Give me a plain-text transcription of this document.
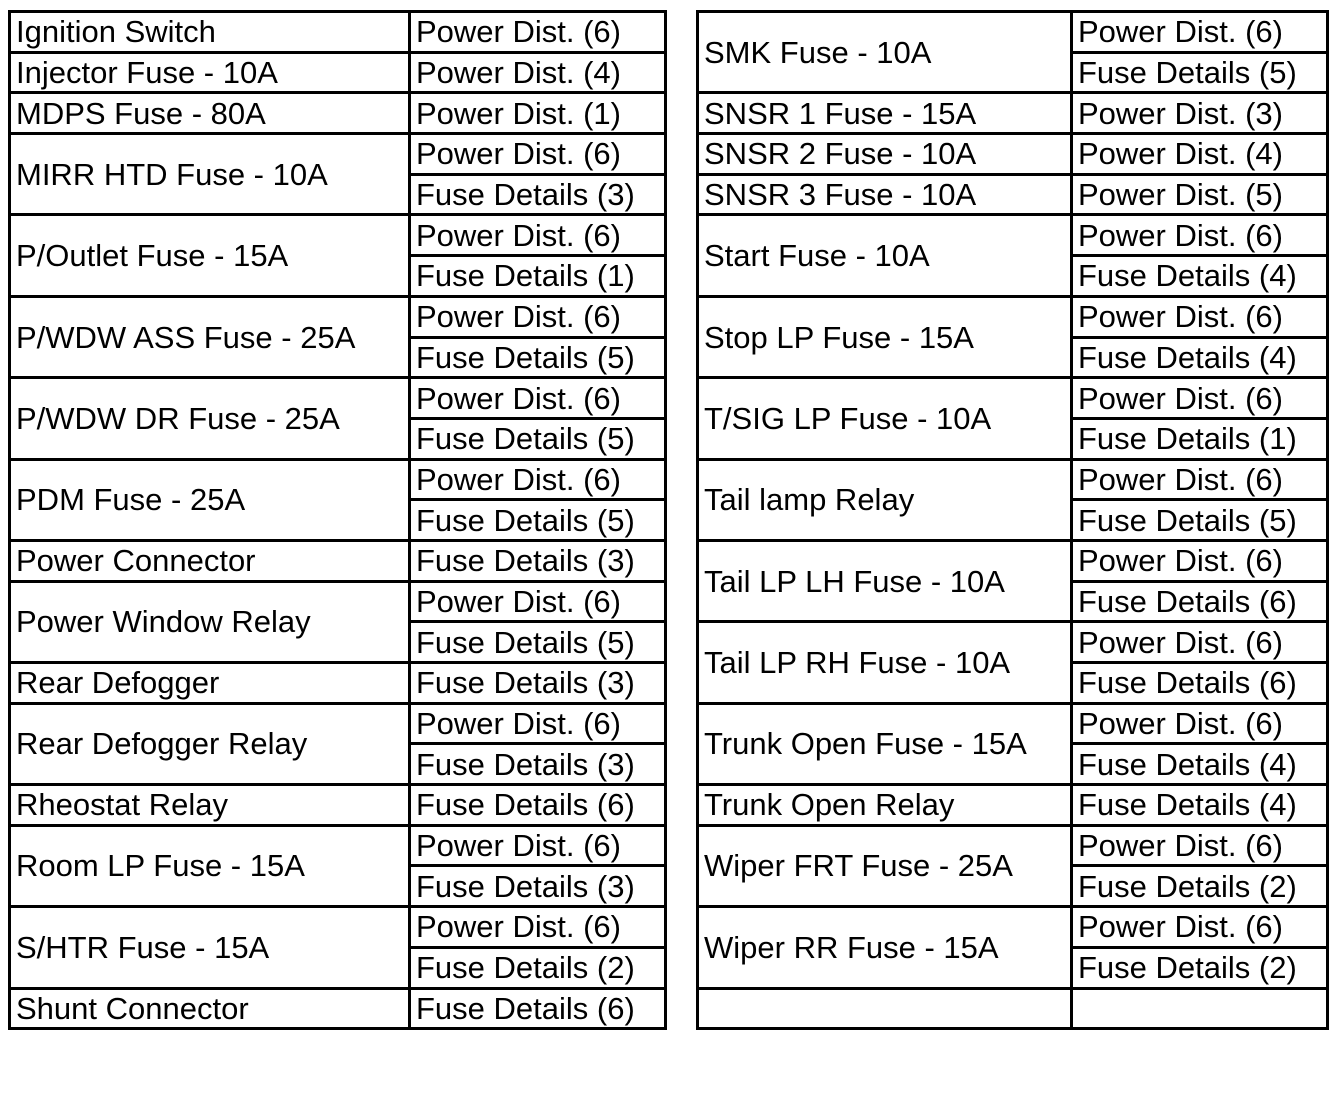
Ignition Switch	Power Dist. (6)
Injector Fuse - 10A	Power Dist. (4)
MDPS Fuse - 80A	Power Dist. (1)
MIRR HTD Fuse - 10A	Power Dist. (6)
	Fuse Details (3)
P/Outlet Fuse - 15A	Power Dist. (6)
	Fuse Details (1)
P/WDW ASS Fuse - 25A	Power Dist. (6)
	Fuse Details (5)
P/WDW DR Fuse - 25A	Power Dist. (6)
	Fuse Details (5)
PDM Fuse - 25A	Power Dist. (6)
	Fuse Details (5)
Power Connector	Fuse Details (3)
Power Window Relay	Power Dist. (6)
	Fuse Details (5)
Rear Defogger	Fuse Details (3)
Rear Defogger Relay	Power Dist. (6)
	Fuse Details (3)
Rheostat Relay	Fuse Details (6)
Room LP Fuse - 15A	Power Dist. (6)
	Fuse Details (3)
S/HTR Fuse - 15A	Power Dist. (6)
	Fuse Details (2)
Shunt Connector	Fuse Details (6)
SMK Fuse - 10A	Power Dist. (6)
	Fuse Details (5)
SNSR 1 Fuse - 15A	Power Dist. (3)
SNSR 2 Fuse - 10A	Power Dist. (4)
SNSR 3 Fuse - 10A	Power Dist. (5)
Start Fuse - 10A	Power Dist. (6)
	Fuse Details (4)
Stop LP Fuse - 15A	Power Dist. (6)
	Fuse Details (4)
T/SIG LP Fuse - 10A	Power Dist. (6)
	Fuse Details (1)
Tail lamp Relay	Power Dist. (6)
	Fuse Details (5)
Tail LP LH Fuse - 10A	Power Dist. (6)
	Fuse Details (6)
Tail LP RH Fuse - 10A	Power Dist. (6)
	Fuse Details (6)
Trunk Open Fuse - 15A	Power Dist. (6)
	Fuse Details (4)
Trunk Open Relay	Fuse Details (4)
Wiper FRT Fuse - 25A	Power Dist. (6)
	Fuse Details (2)
Wiper RR Fuse - 15A	Power Dist. (6)
	Fuse Details (2)
